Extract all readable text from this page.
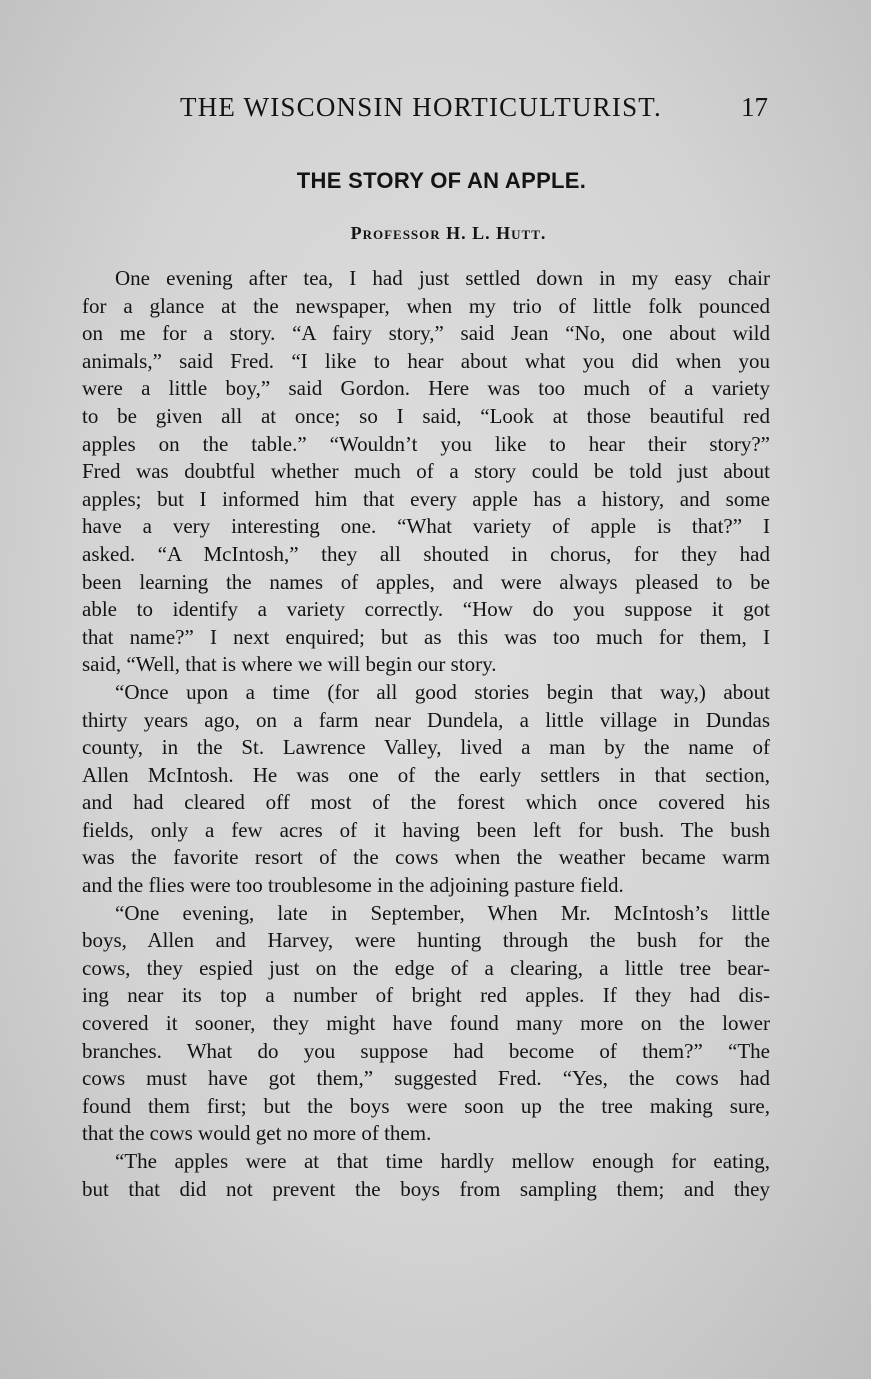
THE WISCONSIN HORTICULTURIST.	17
THE STORY OF AN APPLE.
Professor H. L. Hutt.
One evening after tea, I had just settled down in my easy chair
for a glance at the newspaper, when my trio of little folk pounced
on me for a story. “A fairy story,” said Jean “No, one about wild
animals,” said Fred. “I like to hear about what you did when you
were a little boy,” said Gordon. Here was too much of a variety
to be given all at once; so I said, “Look at those beautiful red
apples on the table.” “Wouldn’t you like to hear their story?”
Fred was doubtful whether much of a story could be told just about
apples; but I informed him that every apple has a history, and some
have a very interesting one. “What variety of apple is that?” I
asked. “A McIntosh,” they all shouted in chorus, for they had
been learning the names of apples, and were always pleased to be
able to identify a variety correctly. “How do you suppose it got
that name?” I next enquired; but as this was too much for them, I
said, “Well, that is where we will begin our story.
“Once upon a time (for all good stories begin that way,) about
thirty years ago, on a farm near Dundela, a little village in Dundas
county, in the St. Lawrence Valley, lived a man by the name of
Allen McIntosh. He was one of the early settlers in that section,
and had cleared off most of the forest which once covered his
fields, only a few acres of it having been left for bush. The bush
was the favorite resort of the cows when the weather became warm
and the flies were too troublesome in the adjoining pasture field.
“One evening, late in September, When Mr. McIntosh’s little
boys, Allen and Harvey, were hunting through the bush for the
cows, they espied just on the edge of a clearing, a little tree bear-
ing near its top a number of bright red apples. If they had dis-
covered it sooner, they might have found many more on the lower
branches. What do you suppose had become of them?” “The
cows must have got them,” suggested Fred. “Yes, the cows had
found them first; but the boys were soon up the tree making sure,
that the cows would get no more of them.
“The apples were at that time hardly mellow enough for eating,
but that did not prevent the boys from sampling them; and they
